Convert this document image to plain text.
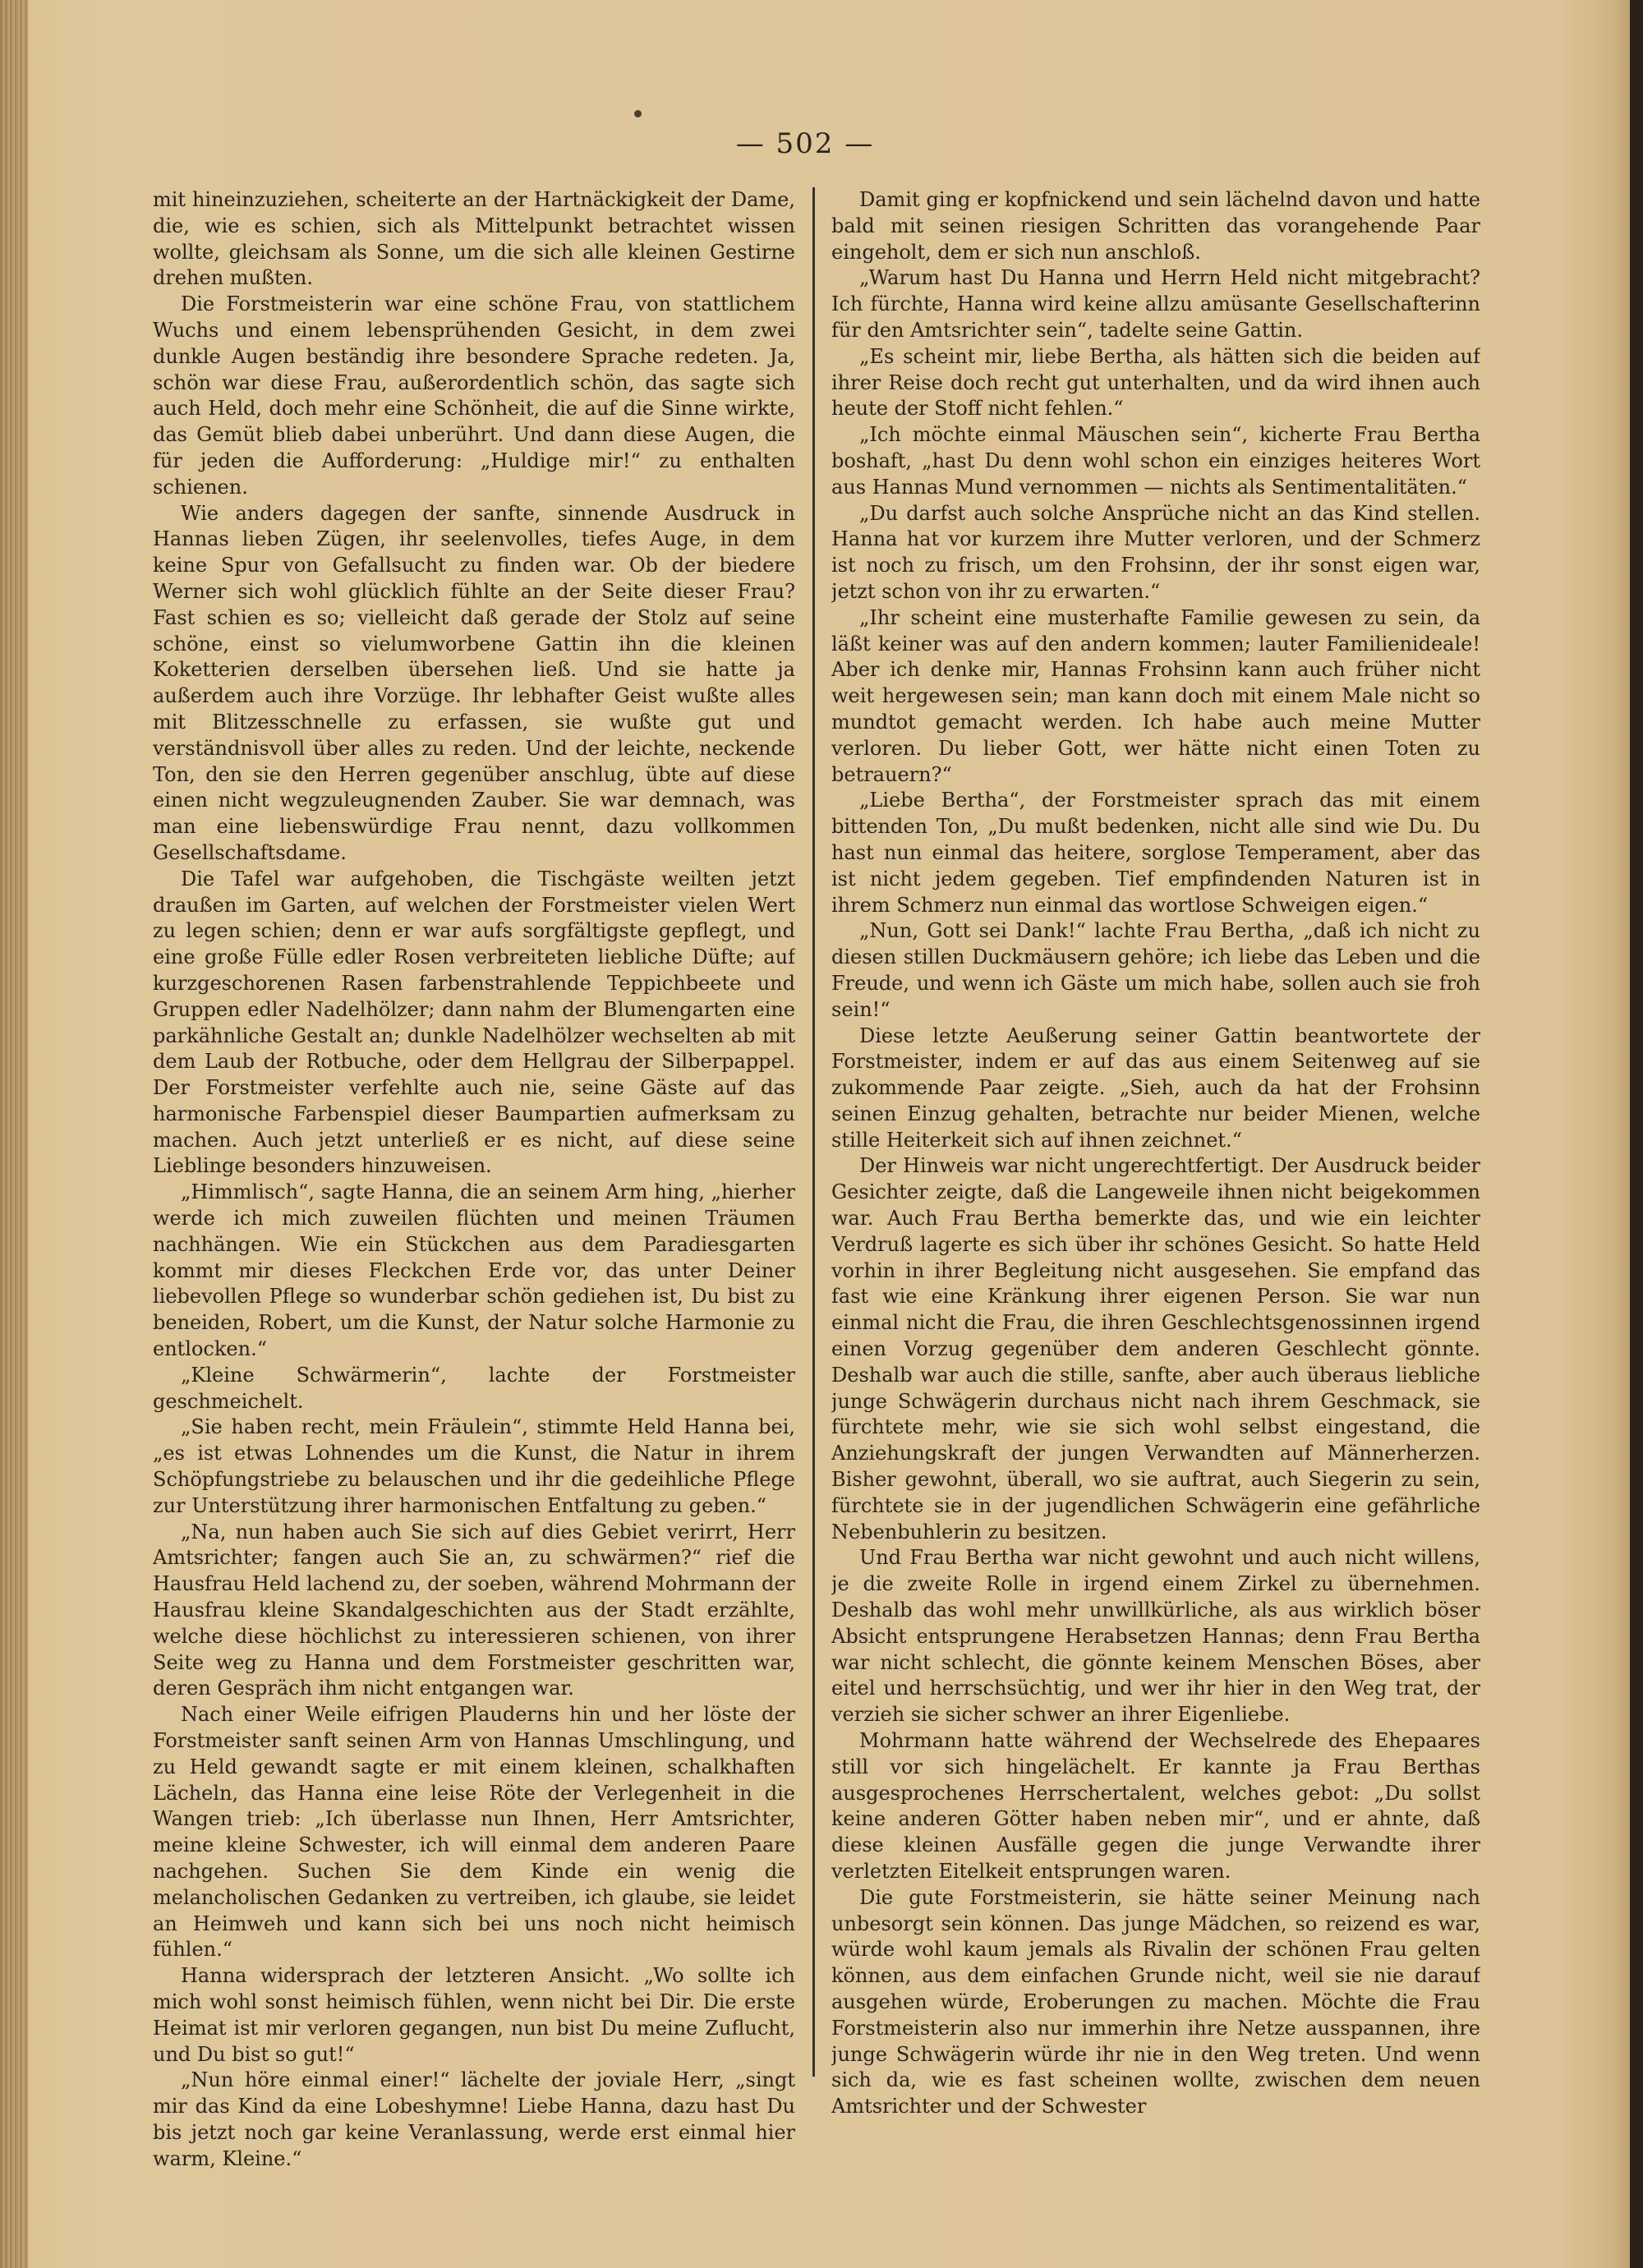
r e e r i s d n h
— 502 —

mit hineinzuziehen, scheiterte an der Hartnäckigkeit der Dame, die, wie es schien, sich als Mittelpunkt betrachtet wissen wollte, gleichsam als Sonne, um die sich alle kleinen Gestirne drehen mußten.

Die Forstmeisterin war eine schöne Frau, von stattlichem Wuchs und einem lebensprühenden Gesicht, in dem zwei dunkle Augen beständig ihre besondere Sprache redeten. Ja, schön war diese Frau, außerordentlich schön, das sagte sich auch Held, doch mehr eine Schönheit, die auf die Sinne wirkte, das Gemüt blieb dabei unberührt. Und dann diese Augen, die für jeden die Aufforderung: „Huldige mir!“ zu enthalten schienen.

Wie anders dagegen der sanfte, sinnende Ausdruck in Hannas lieben Zügen, ihr seelenvolles, tiefes Auge, in dem keine Spur von Gefallsucht zu finden war. Ob der biedere Werner sich wohl glücklich fühlte an der Seite dieser Frau? Fast schien es so; vielleicht daß gerade der Stolz auf seine schöne, einst so vielumworbene Gattin ihn die kleinen Koketterien derselben übersehen ließ. Und sie hatte ja außerdem auch ihre Vorzüge. Ihr lebhafter Geist wußte alles mit Blitzesschnelle zu erfassen, sie wußte gut und verständnisvoll über alles zu reden. Und der leichte, neckende Ton, den sie den Herren gegenüber anschlug, übte auf diese einen nicht wegzuleugnenden Zauber. Sie war demnach, was man eine liebenswürdige Frau nennt, dazu vollkommen Gesellschaftsdame.

Die Tafel war aufgehoben, die Tischgäste weilten jetzt draußen im Garten, auf welchen der Forstmeister vielen Wert zu legen schien; denn er war aufs sorgfältigste gepflegt, und eine große Fülle edler Rosen verbreiteten liebliche Düfte; auf kurzgeschorenen Rasen farbenstrahlende Teppichbeete und Gruppen edler Nadelhölzer; dann nahm der Blumengarten eine parkähnliche Gestalt an; dunkle Nadelhölzer wechselten ab mit dem Laub der Rotbuche, oder dem Hellgrau der Silberpappel. Der Forstmeister verfehlte auch nie, seine Gäste auf das harmonische Farbenspiel dieser Baumpartien aufmerksam zu machen. Auch jetzt unterließ er es nicht, auf diese seine Lieblinge besonders hinzuweisen.

„Himmlisch“, sagte Hanna, die an seinem Arm hing, „hierher werde ich mich zuweilen flüchten und meinen Träumen nachhängen. Wie ein Stückchen aus dem Paradiesgarten kommt mir dieses Fleckchen Erde vor, das unter Deiner liebevollen Pflege so wunderbar schön gediehen ist, Du bist zu beneiden, Robert, um die Kunst, der Natur solche Harmonie zu entlocken.“

„Kleine Schwärmerin“, lachte der Forstmeister geschmeichelt.

„Sie haben recht, mein Fräulein“, stimmte Held Hanna bei, „es ist etwas Lohnendes um die Kunst, die Natur in ihrem Schöpfungstriebe zu belauschen und ihr die gedeihliche Pflege zur Unterstützung ihrer harmonischen Entfaltung zu geben.“

„Na, nun haben auch Sie sich auf dies Gebiet verirrt, Herr Amtsrichter; fangen auch Sie an, zu schwärmen?“ rief die Hausfrau Held lachend zu, der soeben, während Mohrmann der Hausfrau kleine Skandalgeschichten aus der Stadt erzählte, welche diese höchlichst zu interessieren schienen, von ihrer Seite weg zu Hanna und dem Forstmeister geschritten war, deren Gespräch ihm nicht entgangen war.

Nach einer Weile eifrigen Plauderns hin und her löste der Forstmeister sanft seinen Arm von Hannas Umschlingung, und zu Held gewandt sagte er mit einem kleinen, schalkhaften Lächeln, das Hanna eine leise Röte der Verlegenheit in die Wangen trieb: „Ich überlasse nun Ihnen, Herr Amtsrichter, meine kleine Schwester, ich will einmal dem anderen Paare nachgehen. Suchen Sie dem Kinde ein wenig die melancholischen Gedanken zu vertreiben, ich glaube, sie leidet an Heimweh und kann sich bei uns noch nicht heimisch fühlen.“

Hanna widersprach der letzteren Ansicht. „Wo sollte ich mich wohl sonst heimisch fühlen, wenn nicht bei Dir. Die erste Heimat ist mir verloren gegangen, nun bist Du meine Zuflucht, und Du bist so gut!“

„Nun höre einmal einer!“ lächelte der joviale Herr, „singt mir das Kind da eine Lobeshymne! Liebe Hanna, dazu hast Du bis jetzt noch gar keine Veranlassung, werde erst einmal hier warm, Kleine.“

Damit ging er kopfnickend und sein lächelnd davon und hatte bald mit seinen riesigen Schritten das vorangehende Paar eingeholt, dem er sich nun anschloß.

„Warum hast Du Hanna und Herrn Held nicht mitgebracht? Ich fürchte, Hanna wird keine allzu amüsante Gesellschafterinn für den Amtsrichter sein“, tadelte seine Gattin.

„Es scheint mir, liebe Bertha, als hätten sich die beiden auf ihrer Reise doch recht gut unterhalten, und da wird ihnen auch heute der Stoff nicht fehlen.“

„Ich möchte einmal Mäuschen sein“, kicherte Frau Bertha boshaft, „hast Du denn wohl schon ein einziges heiteres Wort aus Hannas Mund vernommen — nichts als Sentimentalitäten.“

„Du darfst auch solche Ansprüche nicht an das Kind stellen. Hanna hat vor kurzem ihre Mutter verloren, und der Schmerz ist noch zu frisch, um den Frohsinn, der ihr sonst eigen war, jetzt schon von ihr zu erwarten.“

„Ihr scheint eine musterhafte Familie gewesen zu sein, da läßt keiner was auf den andern kommen; lauter Familienideale! Aber ich denke mir, Hannas Frohsinn kann auch früher nicht weit hergewesen sein; man kann doch mit einem Male nicht so mundtot gemacht werden. Ich habe auch meine Mutter verloren. Du lieber Gott, wer hätte nicht einen Toten zu betrauern?“

„Liebe Bertha“, der Forstmeister sprach das mit einem bittenden Ton, „Du mußt bedenken, nicht alle sind wie Du. Du hast nun einmal das heitere, sorglose Temperament, aber das ist nicht jedem gegeben. Tief empfindenden Naturen ist in ihrem Schmerz nun einmal das wortlose Schweigen eigen.“

„Nun, Gott sei Dank!“ lachte Frau Bertha, „daß ich nicht zu diesen stillen Duckmäusern gehöre; ich liebe das Leben und die Freude, und wenn ich Gäste um mich habe, sollen auch sie froh sein!“

Diese letzte Aeußerung seiner Gattin beantwortete der Forstmeister, indem er auf das aus einem Seitenweg auf sie zukommende Paar zeigte. „Sieh, auch da hat der Frohsinn seinen Einzug gehalten, betrachte nur beider Mienen, welche stille Heiterkeit sich auf ihnen zeichnet.“

Der Hinweis war nicht ungerechtfertigt. Der Ausdruck beider Gesichter zeigte, daß die Langeweile ihnen nicht beigekommen war. Auch Frau Bertha bemerkte das, und wie ein leichter Verdruß lagerte es sich über ihr schönes Gesicht. So hatte Held vorhin in ihrer Begleitung nicht ausgesehen. Sie empfand das fast wie eine Kränkung ihrer eigenen Person. Sie war nun einmal nicht die Frau, die ihren Geschlechtsgenossinnen irgend einen Vorzug gegenüber dem anderen Geschlecht gönnte. Deshalb war auch die stille, sanfte, aber auch überaus liebliche junge Schwägerin durchaus nicht nach ihrem Geschmack, sie fürchtete mehr, wie sie sich wohl selbst eingestand, die Anziehungskraft der jungen Verwandten auf Männerherzen. Bisher gewohnt, überall, wo sie auftrat, auch Siegerin zu sein, fürchtete sie in der jugendlichen Schwägerin eine gefährliche Nebenbuhlerin zu besitzen.

Und Frau Bertha war nicht gewohnt und auch nicht willens, je die zweite Rolle in irgend einem Zirkel zu übernehmen. Deshalb das wohl mehr unwillkürliche, als aus wirklich böser Absicht entsprungene Herabsetzen Hannas; denn Frau Bertha war nicht schlecht, die gönnte keinem Menschen Böses, aber eitel und herrschsüchtig, und wer ihr hier in den Weg trat, der verzieh sie sicher schwer an ihrer Eigenliebe.

Mohrmann hatte während der Wechselrede des Ehepaares still vor sich hingelächelt. Er kannte ja Frau Berthas ausgesprochenes Herrschertalent, welches gebot: „Du sollst keine anderen Götter haben neben mir“, und er ahnte, daß diese kleinen Ausfälle gegen die junge Verwandte ihrer verletzten Eitelkeit entsprungen waren.

Die gute Forstmeisterin, sie hätte seiner Meinung nach unbesorgt sein können. Das junge Mädchen, so reizend es war, würde wohl kaum jemals als Rivalin der schönen Frau gelten können, aus dem einfachen Grunde nicht, weil sie nie darauf ausgehen würde, Eroberungen zu machen. Möchte die Frau Forstmeisterin also nur immerhin ihre Netze ausspannen, ihre junge Schwägerin würde ihr nie in den Weg treten. Und wenn sich da, wie es fast scheinen wollte, zwischen dem neuen Amtsrichter und der Schwester
